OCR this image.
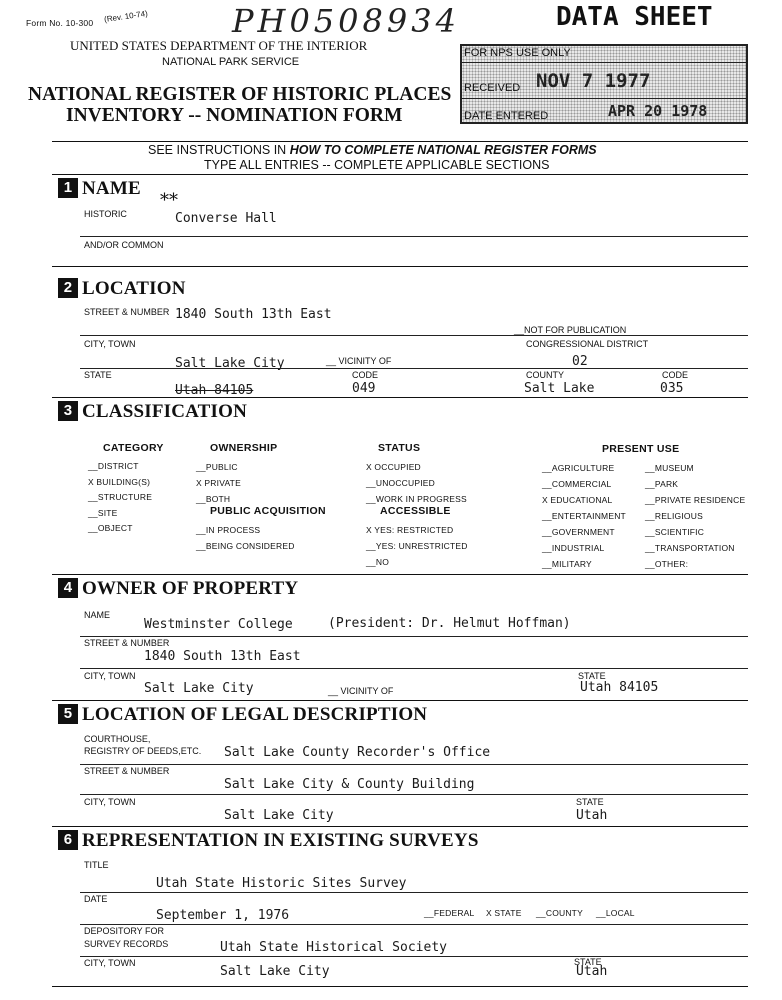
Form No. 10-300 (Rev. 10-74)	PH0508934	DATA SHEET
UNITED STATES DEPARTMENT OF THE INTERIOR
NATIONAL PARK SERVICE
NATIONAL REGISTER OF HISTORIC PLACES
INVENTORY -- NOMINATION FORM
FOR NPS USE ONLY
RECEIVED NOV 7 1977
DATE ENTERED	APR 20 1978
SEE INSTRUCTIONS IN HOW TO COMPLETE NATIONAL REGISTER FORMS
TYPE ALL ENTRIES -- COMPLETE APPLICABLE SECTIONS
1 NAME
HISTORIC
**
Converse Hall
AND/OR COMMON
2 LOCATION
STREET & NUMBER 1840 South 13th East
__NOT FOR PUBLICATION
CITY, TOWN	CONGRESSIONAL DISTRICT
Salt Lake City	__ VICINITY OF	02
STATE	CODE	COUNTY	CODE
Utah 84105	049	Salt Lake	035
3 CLASSIFICATION
CATEGORY	OWNERSHIP	STATUS	PRESENT USE
__DISTRICT
X BUILDING(S)
__STRUCTURE
__SITE
__OBJECT
__PUBLIC
X PRIVATE
__BOTH
PUBLIC ACQUISITION
__IN PROCESS
__BEING CONSIDERED
X OCCUPIED
__UNOCCUPIED
__WORK IN PROGRESS
ACCESSIBLE
X YES: RESTRICTED
__YES: UNRESTRICTED
__NO
__AGRICULTURE
__COMMERCIAL
X EDUCATIONAL
__ENTERTAINMENT
__GOVERNMENT
__INDUSTRIAL
__MILITARY
__MUSEUM
__PARK
__PRIVATE RESIDENCE
__RELIGIOUS
__SCIENTIFIC
__TRANSPORTATION
__OTHER:
4 OWNER OF PROPERTY
NAME
Westminster College	(President: Dr. Helmut Hoffman)
STREET & NUMBER
1840 South 13th East
CITY, TOWN	STATE
Salt Lake City	__ VICINITY OF	Utah 84105
5 LOCATION OF LEGAL DESCRIPTION
COURTHOUSE,
REGISTRY OF DEEDS,ETC. Salt Lake County Recorder's Office
STREET & NUMBER
Salt Lake City & County Building
CITY, TOWN	STATE
Salt Lake City	Utah
6 REPRESENTATION IN EXISTING SURVEYS
TITLE
Utah State Historic Sites Survey
DATE
September 1, 1976	__FEDERAL X STATE __COUNTY __LOCAL
DEPOSITORY FOR
SURVEY RECORDS	Utah State Historical Society
CITY, TOWN	STATE
Salt Lake City	Utah
